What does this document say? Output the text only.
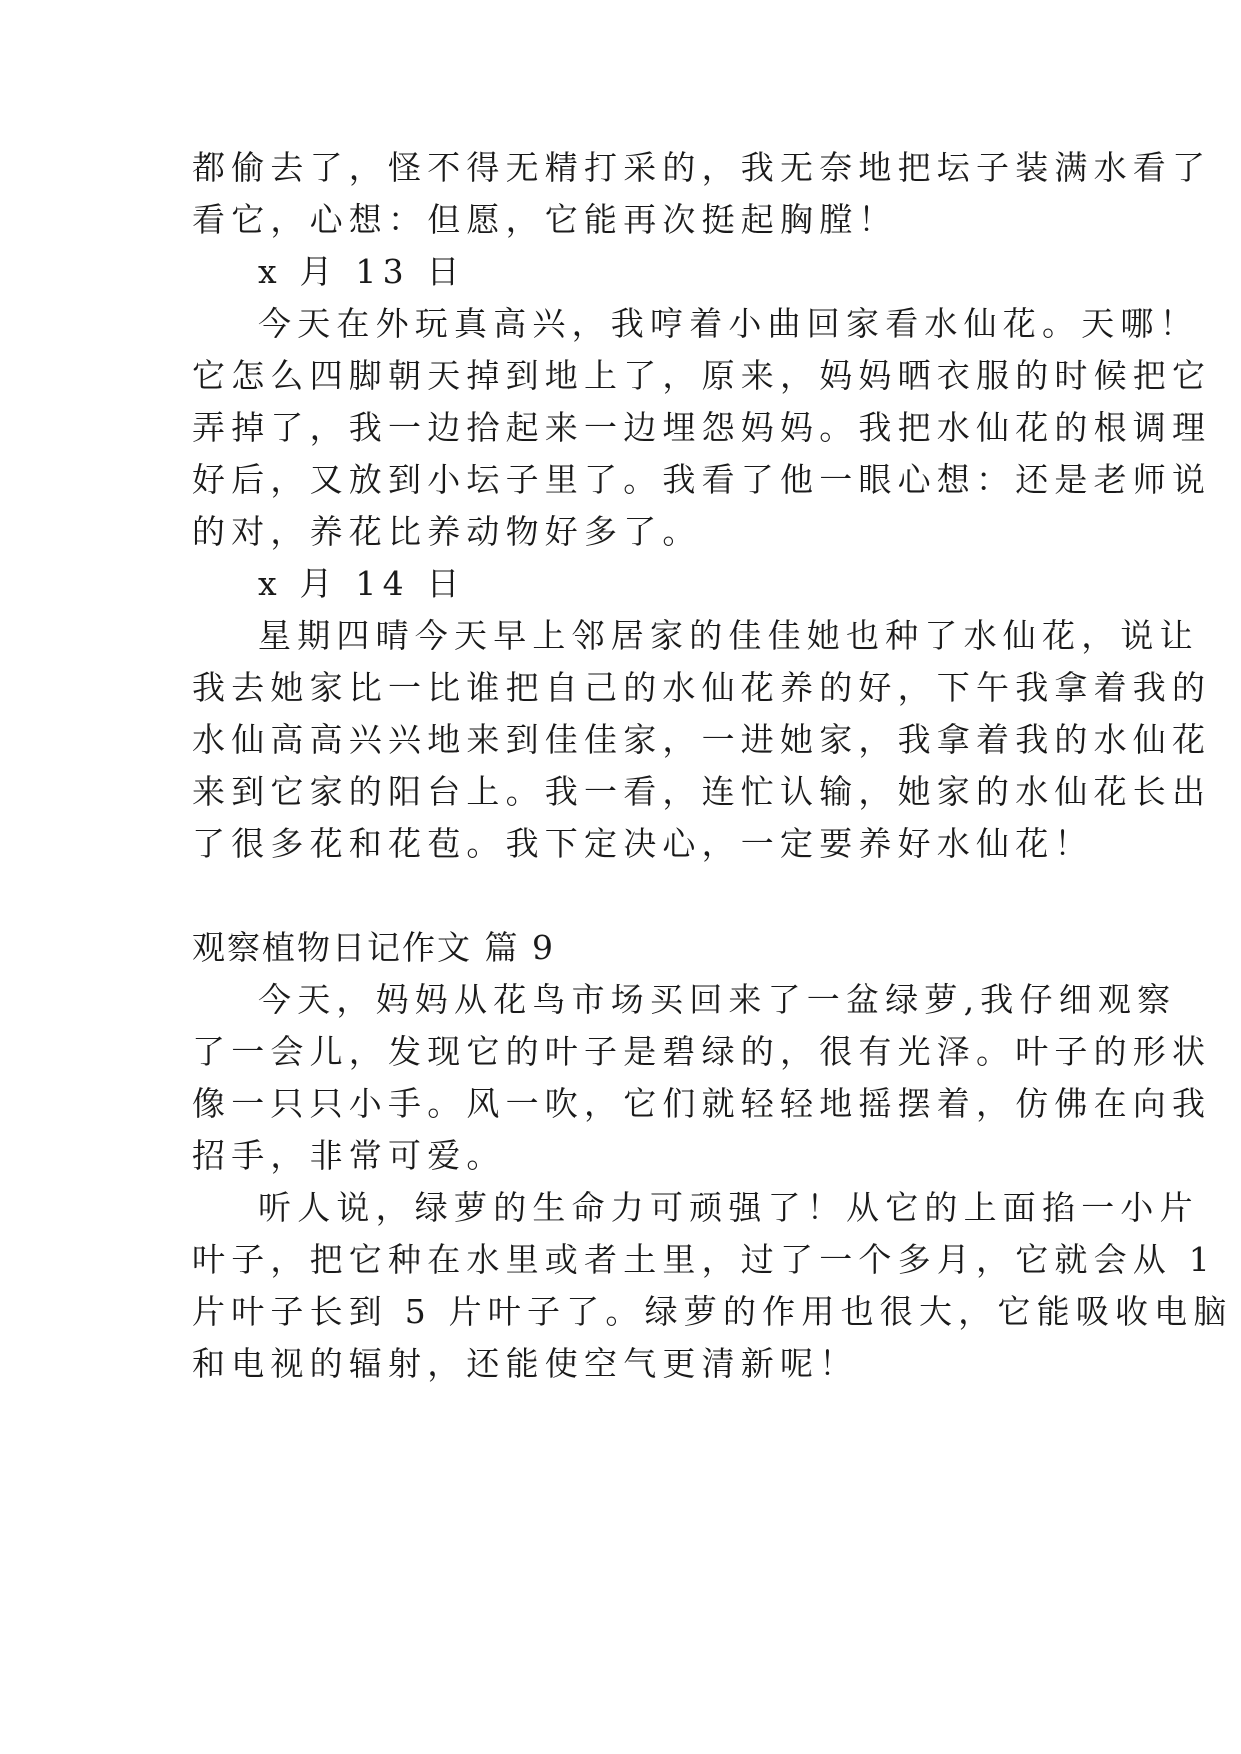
都偷去了，怪不得无精打采的，我无奈地把坛子装满水看了
看它，心想：但愿，它能再次挺起胸膛！
x 月 13 日
今天在外玩真高兴，我哼着小曲回家看水仙花。天哪！
它怎么四脚朝天掉到地上了，原来，妈妈晒衣服的时候把它
弄掉了，我一边拾起来一边埋怨妈妈。我把水仙花的根调理
好后，又放到小坛子里了。我看了他一眼心想：还是老师说
的对，养花比养动物好多了。
x 月 14 日
星期四晴今天早上邻居家的佳佳她也种了水仙花，说让
我去她家比一比谁把自己的水仙花养的好，下午我拿着我的
水仙高高兴兴地来到佳佳家，一进她家，我拿着我的水仙花
来到它家的阳台上。我一看，连忙认输，她家的水仙花长出
了很多花和花苞。我下定决心，一定要养好水仙花！
观察植物日记作文 篇 9
今天，妈妈从花鸟市场买回来了一盆绿萝,我仔细观察
了一会儿，发现它的叶子是碧绿的，很有光泽。叶子的形状
像一只只小手。风一吹，它们就轻轻地摇摆着，仿佛在向我
招手，非常可爱。
听人说，绿萝的生命力可顽强了！从它的上面掐一小片
叶子，把它种在水里或者土里，过了一个多月，它就会从 1
片叶子长到 5 片叶子了。绿萝的作用也很大，它能吸收电脑
和电视的辐射，还能使空气更清新呢！
